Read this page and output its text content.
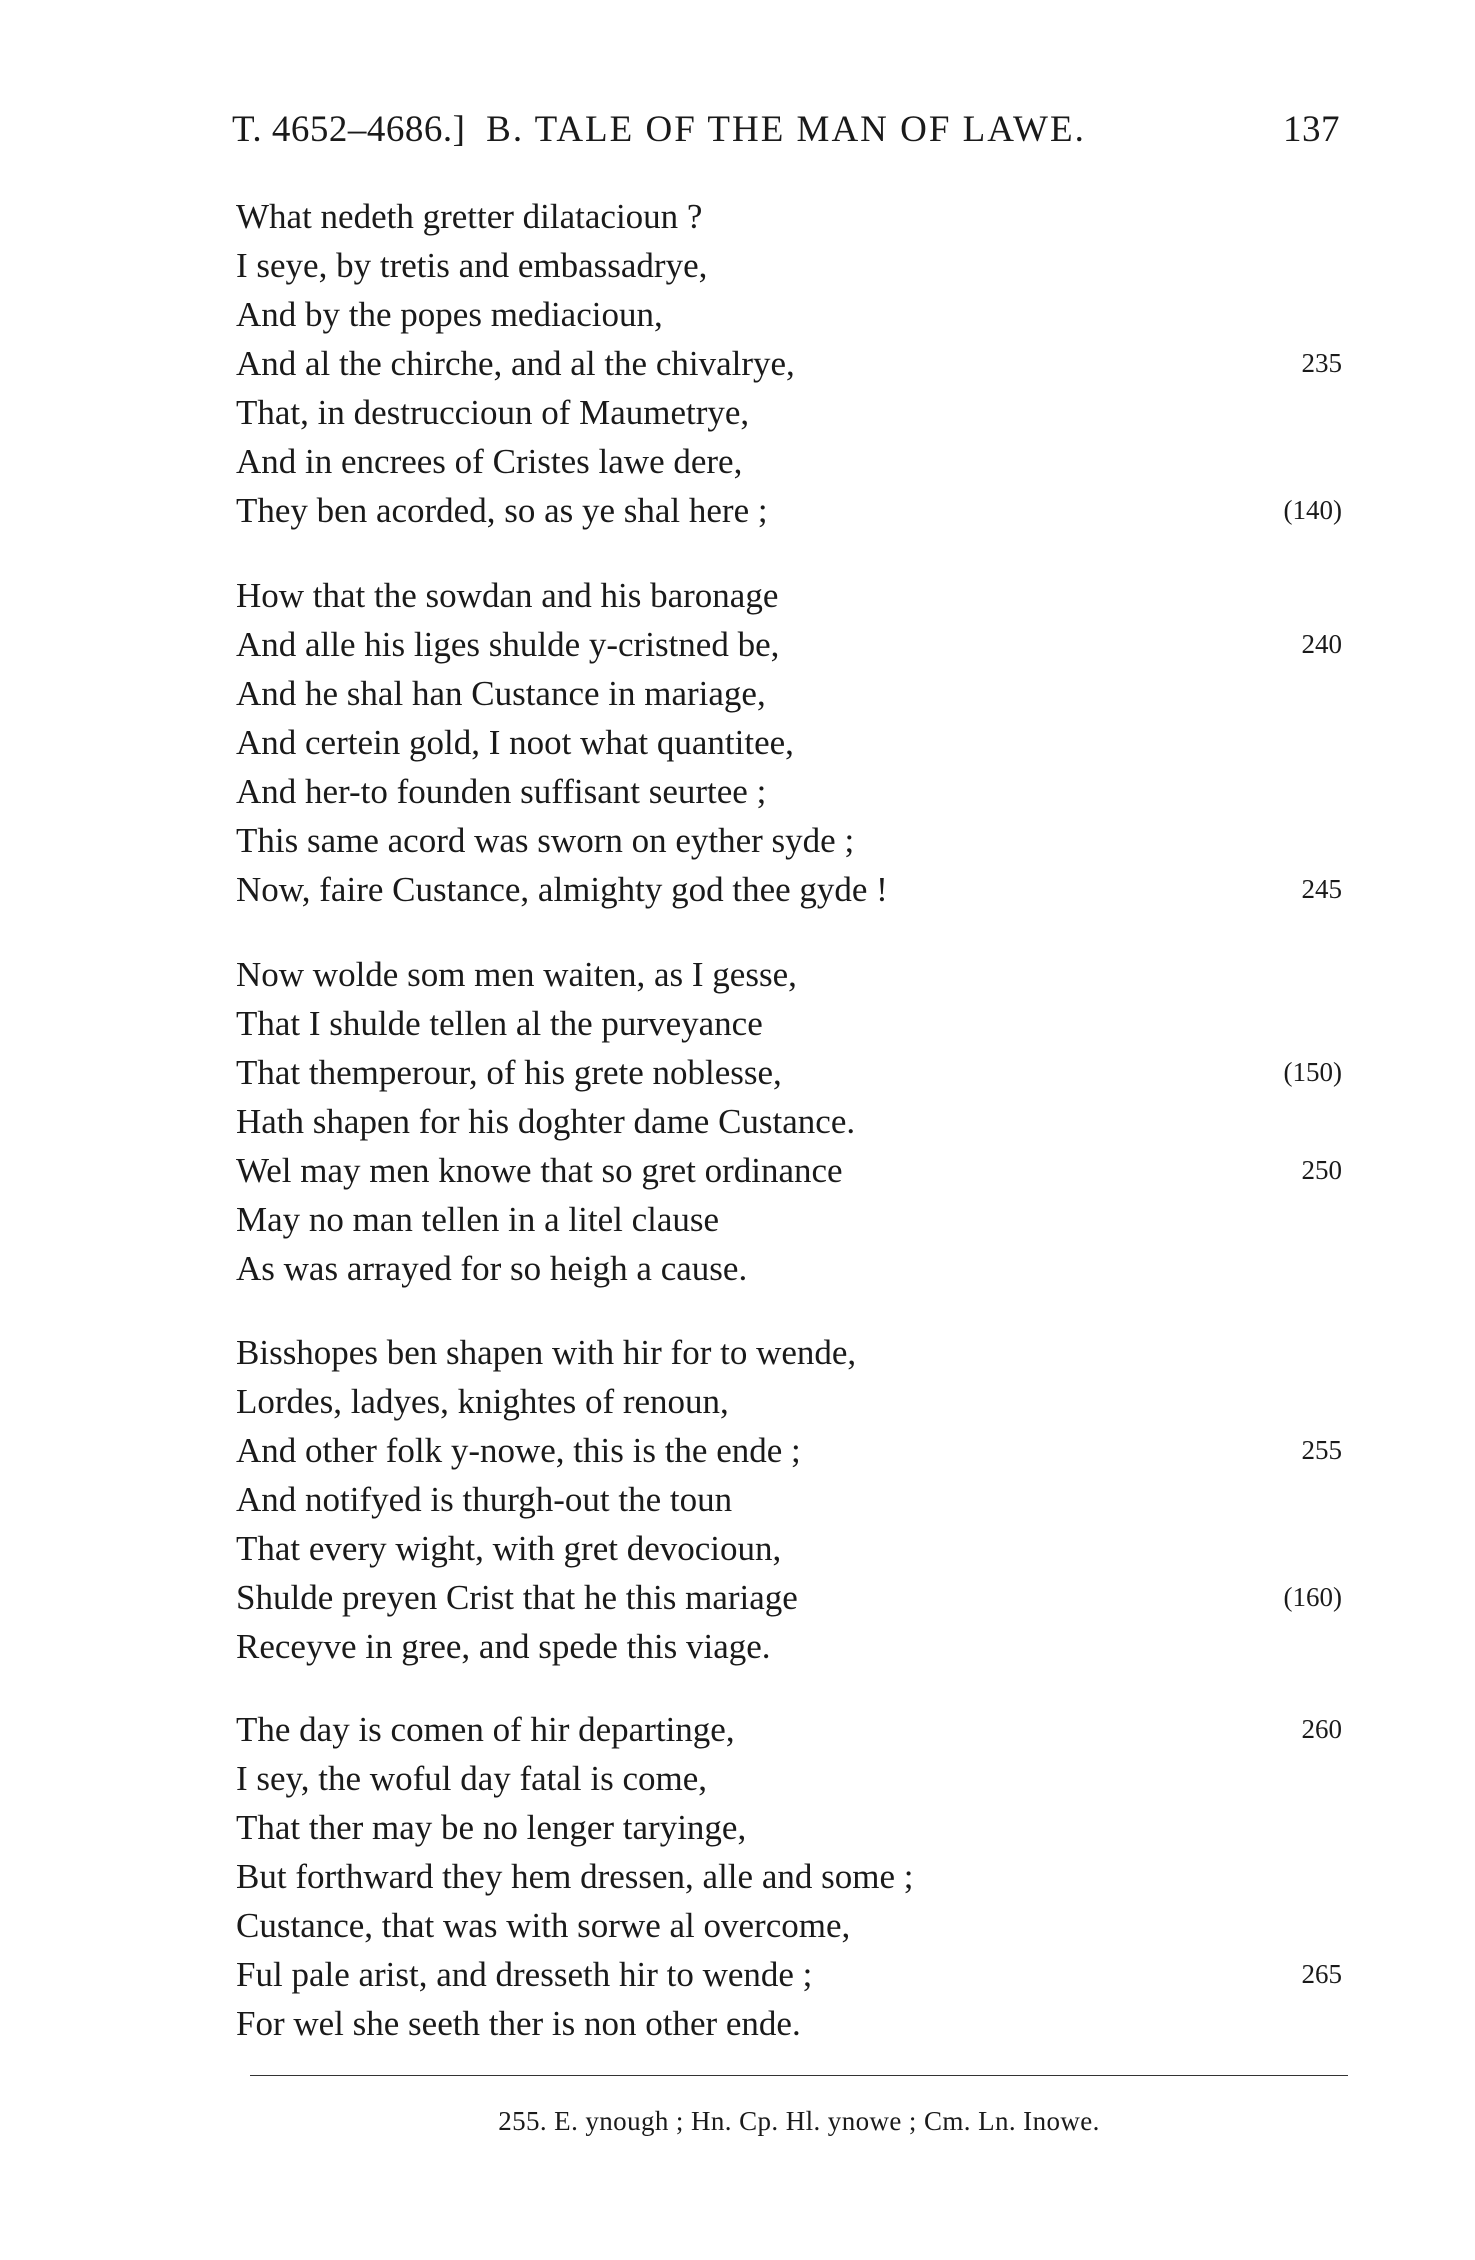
T. 4652–4686.] B. TALE OF THE MAN OF LAWE.	137
What nedeth gretter dilatacioun ?
I seye, by tretis and embassadrye,
And by the popes mediacioun,
And al the chirche, and al the chivalrye,	235
That, in destruccioun of Maumetrye,
And in encrees of Cristes lawe dere,
They ben acorded, so as ye shal here ;	(140)
How that the sowdan and his baronage
And alle his liges shulde y-cristned be,	240
And he shal han Custance in mariage,
And certein gold, I noot what quantitee,
And her-to founden suffisant seurtee ;
This same acord was sworn on eyther syde ;
Now, faire Custance, almighty god thee gyde !	245
Now wolde som men waiten, as I gesse,
That I shulde tellen al the purveyance
That themperour, of his grete noblesse,	(150)
Hath shapen for his doghter dame Custance.
Wel may men knowe that so gret ordinance	250
May no man tellen in a litel clause
As was arrayed for so heigh a cause.
Bisshopes ben shapen with hir for to wende,
Lordes, ladyes, knightes of renoun,
And other folk y-nowe, this is the ende ;	255
And notifyed is thurgh-out the toun
That every wight, with gret devocioun,
Shulde preyen Crist that he this mariage	(160)
Receyve in gree, and spede this viage.
The day is comen of hir departinge,	260
I sey, the woful day fatal is come,
That ther may be no lenger taryinge,
But forthward they hem dressen, alle and some ;
Custance, that was with sorwe al overcome,
Ful pale arist, and dresseth hir to wende ;	265
For wel she seeth ther is non other ende.
255. E. ynough ; Hn. Cp. Hl. ynowe ; Cm. Ln. Inowe.
